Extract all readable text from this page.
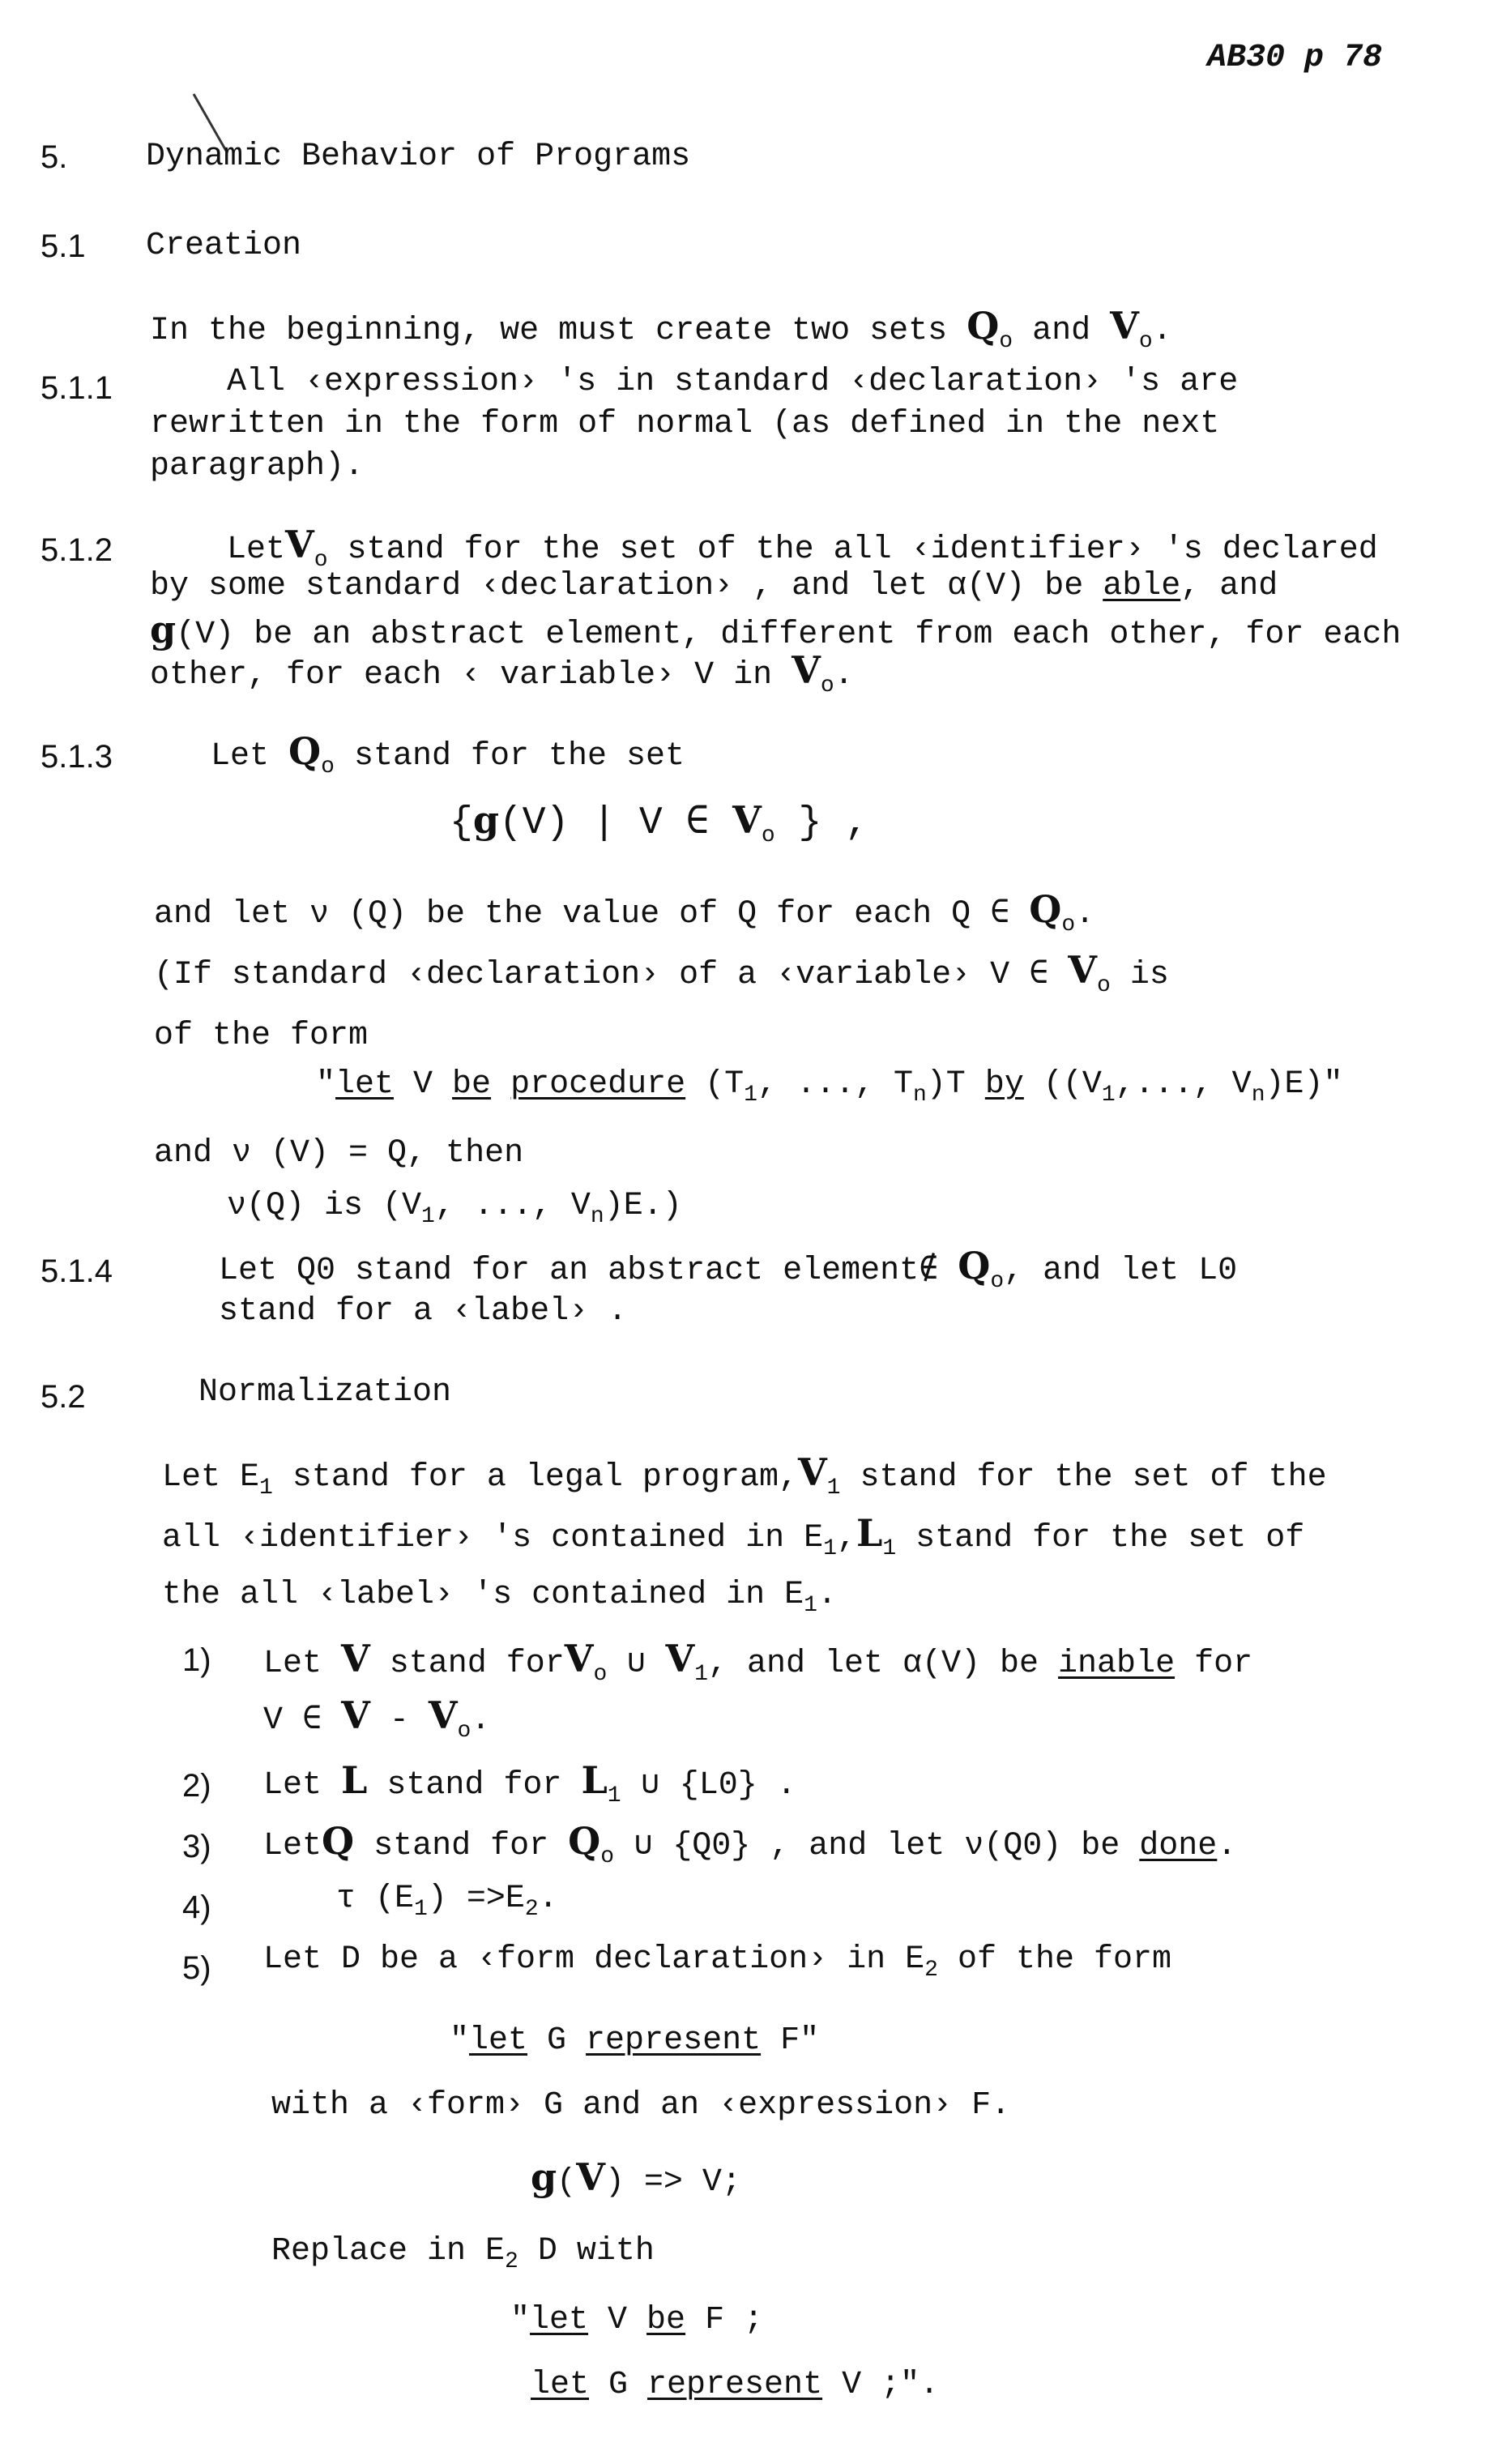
AB30 p 78
5. Dynamic Behavior of Programs
5.1 Creation
In the beginning, we must create two sets $Q_o$ and $V_o$.
5.1.1	All ‹expression› 's in standard ‹declaration› 's are
rewritten in the form of normal (as defined in the next
paragraph).
5.1.2	LetV$_o$ stand for the set of the all ‹identifier› 's declared
by some standard ‹declaration› , and let α(V) be able, and
g(V) be an abstract element, different from each other, for each
other, for each ‹ variable› V in $V_o$.
5.1.3	Let $Q_o$ stand for the set
{g(V) | V ∈ $V_o$ } ,
and let ν (Q) be the value of Q for each Q ∈ $Q_o$.
(If standard ‹declaration› of a ‹variable› V ∈ $V_o$ is
of the form
"let V be procedure ($T_1$, ..., $T_n)T$ by (($V_1$,..., $V_n)E$)"
and ν (V) = Q, then
ν(Q) is ($V_1$, ..., $V_n)E$.)
5.1.4	Let Q0 stand for an abstract element∉ $Q_o$, and let L0
stand for a ‹label› .
5.2	Normalization
Let $E_1$ stand for a legal $program,V_1$ stand for the set of the
all ‹identifier› 's contained in $E_1,L_1$ stand for the set of
the all ‹label› 's contained in $E_1$.
1) Let V stand forV$_o$ ∪ $V_1$, and let α(V) be inable for
V ∈ V - $V_o$.
2) Let L stand for $L_1$ ∪ {L0} .
3) LetQ stand for $Q_o$ ∪ {Q0} , and let ν(Q0) be done.
4)	τ $(E_1) =>E_2$.
5) Let D be a ‹form declaration› in $E_2$ of the form
"let G represent F"
with a ‹form› G and an ‹expression› F.
g(V) => V;
Replace in $E_2$ D with
"let V be F ;
let G represent V ;".
